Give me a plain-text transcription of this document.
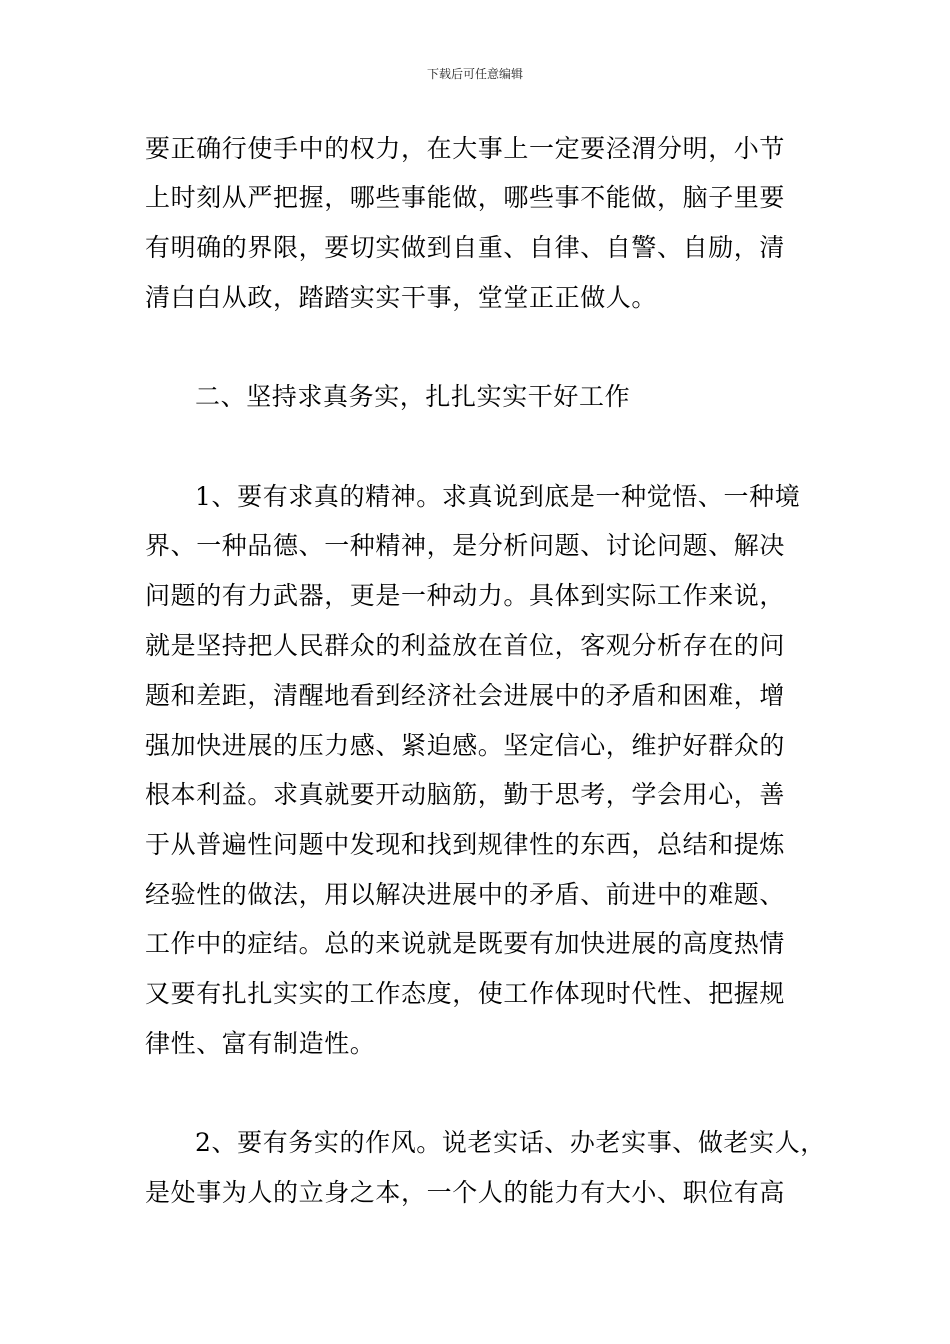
下载后可任意编辑
要正确行使手中的权力，在大事上一定要泾渭分明，小节
上时刻从严把握，哪些事能做，哪些事不能做，脑子里要
有明确的界限，要切实做到自重、自律、自警、自励，清
清白白从政，踏踏实实干事，堂堂正正做人。
二、坚持求真务实，扎扎实实干好工作
1、要有求真的精神。求真说到底是一种觉悟、一种境
界、一种品德、一种精神，是分析问题、讨论问题、解决
问题的有力武器，更是一种动力。具体到实际工作来说，
就是坚持把人民群众的利益放在首位，客观分析存在的问
题和差距，清醒地看到经济社会进展中的矛盾和困难，增
强加快进展的压力感、紧迫感。坚定信心，维护好群众的
根本利益。求真就要开动脑筋，勤于思考，学会用心，善
于从普遍性问题中发现和找到规律性的东西，总结和提炼
经验性的做法，用以解决进展中的矛盾、前进中的难题、
工作中的症结。总的来说就是既要有加快进展的高度热情
又要有扎扎实实的工作态度，使工作体现时代性、把握规
律性、富有制造性。
2、要有务实的作风。说老实话、办老实事、做老实人，
是处事为人的立身之本，一个人的能力有大小、职位有高
